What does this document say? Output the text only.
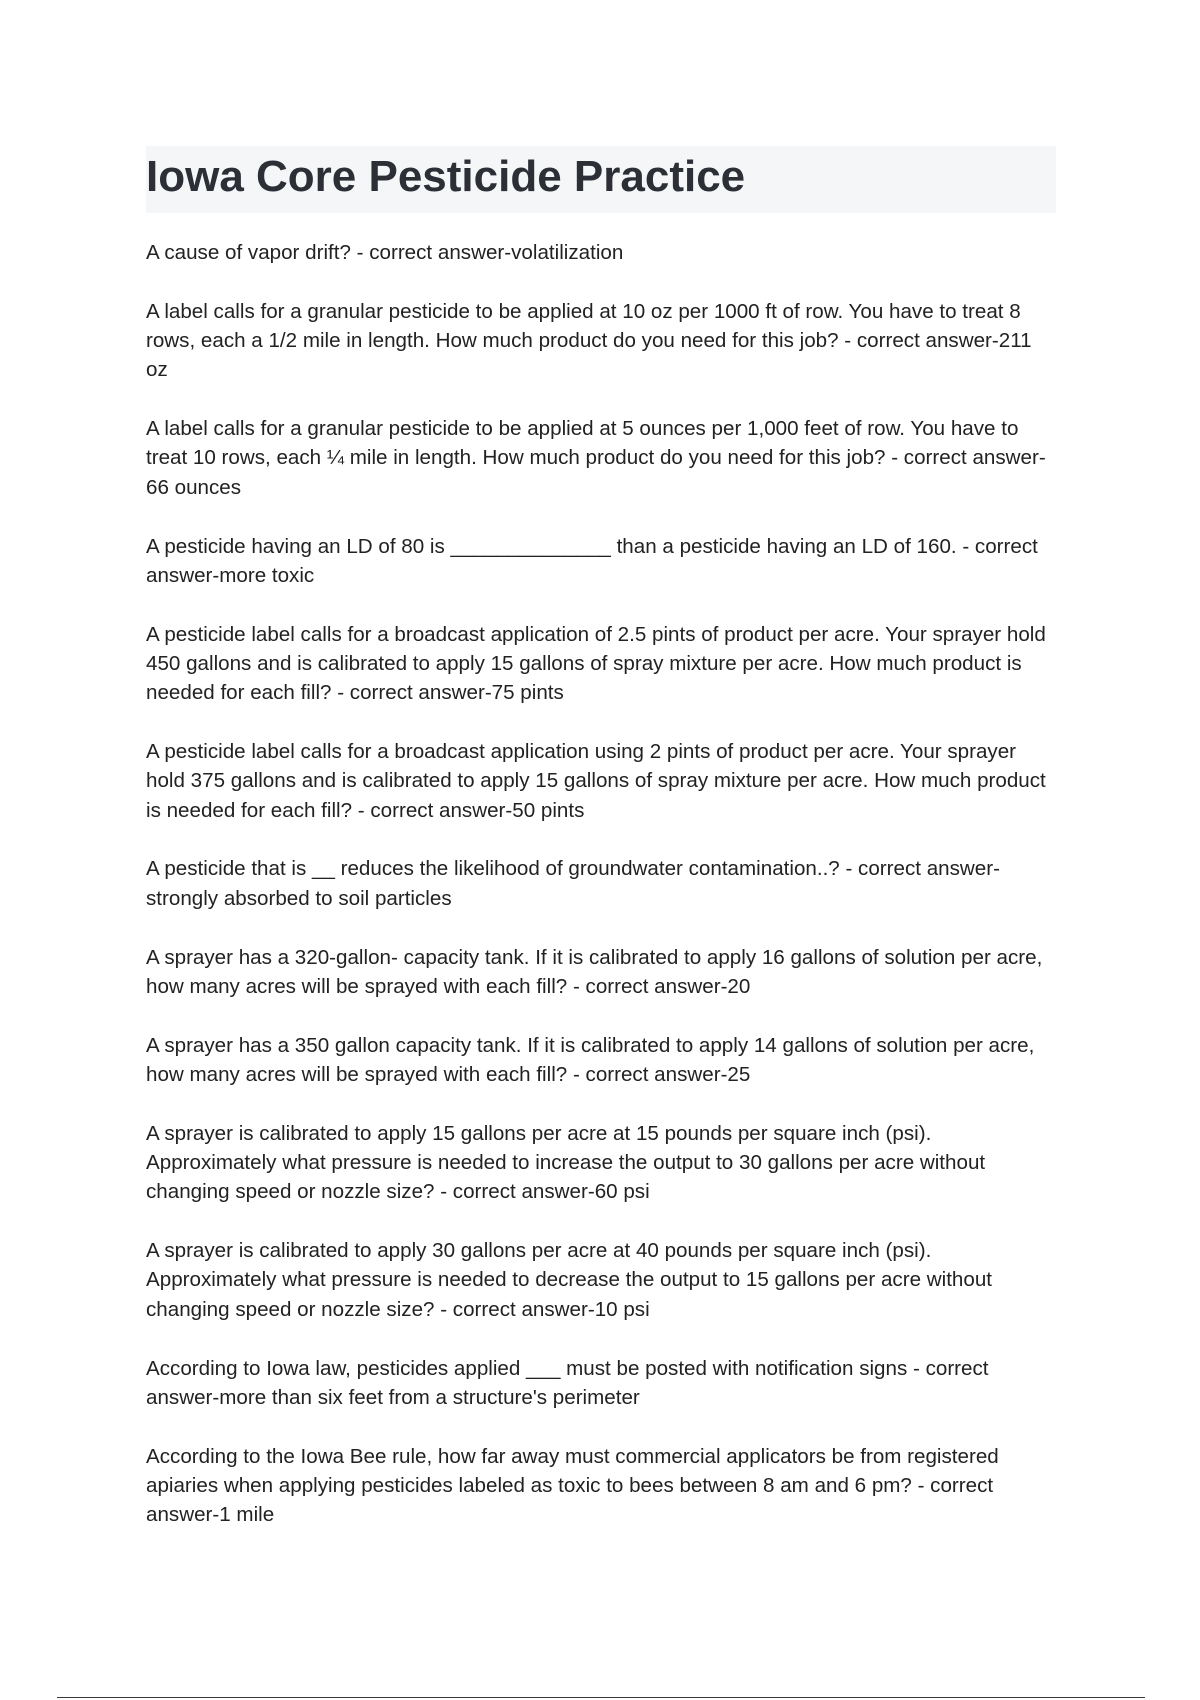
Iowa Core Pesticide Practice
A cause of vapor drift? - correct answer-volatilization
A label calls for a granular pesticide to be applied at 10 oz per 1000 ft of row. You have to treat 8 rows, each a 1/2 mile in length. How much product do you need for this job? - correct answer-211 oz
A label calls for a granular pesticide to be applied at 5 ounces per 1,000 feet of row. You have to treat 10 rows, each ¼ mile in length. How much product do you need for this job? - correct answer-66 ounces
A pesticide having an LD of 80 is ______________ than a pesticide having an LD of 160. - correct answer-more toxic
A pesticide label calls for a broadcast application of 2.5 pints of product per acre. Your sprayer hold 450 gallons and is calibrated to apply 15 gallons of spray mixture per acre. How much product is needed for each fill? - correct answer-75 pints
A pesticide label calls for a broadcast application using 2 pints of product per acre. Your sprayer hold 375 gallons and is calibrated to apply 15 gallons of spray mixture per acre. How much product is needed for each fill? - correct answer-50 pints
A pesticide that is __ reduces the likelihood of groundwater contamination..? - correct answer-strongly absorbed to soil particles
A sprayer has a 320-gallon- capacity tank. If it is calibrated to apply 16 gallons of solution per acre, how many acres will be sprayed with each fill? - correct answer-20
A sprayer has a 350 gallon capacity tank. If it is calibrated to apply 14 gallons of solution per acre, how many acres will be sprayed with each fill? - correct answer-25
A sprayer is calibrated to apply 15 gallons per acre at 15 pounds per square inch (psi). Approximately what pressure is needed to increase the output to 30 gallons per acre without changing speed or nozzle size? - correct answer-60 psi
A sprayer is calibrated to apply 30 gallons per acre at 40 pounds per square inch (psi). Approximately what pressure is needed to decrease the output to 15 gallons per acre without changing speed or nozzle size? - correct answer-10 psi
According to Iowa law, pesticides applied ___ must be posted with notification signs - correct answer-more than six feet from a structure's perimeter
According to the Iowa Bee rule, how far away must commercial applicators be from registered apiaries when applying pesticides labeled as toxic to bees between 8 am and 6 pm? - correct answer-1 mile
